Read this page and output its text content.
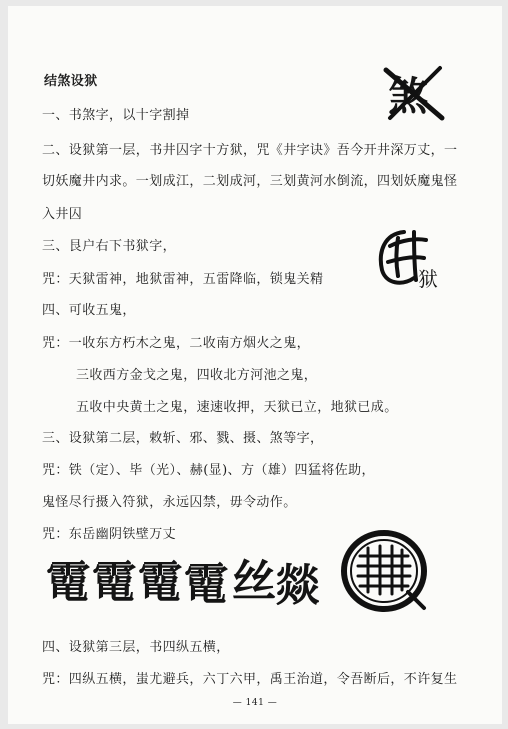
结煞设狱
一、书煞字，以十字割掉
二、设狱第一层，书井囚字十方狱，咒《井字诀》吾今开井深万丈，一
切妖魔井内求。一划成江，二划成河，三划黄河水倒流，四划妖魔鬼怪
入井囚
三、艮户右下书狱字，
咒：天狱雷神，地狱雷神，五雷降临，锁鬼关精
四、可收五鬼，
咒：一收东方朽木之鬼，二收南方烟火之鬼，
三收西方金戈之鬼，四收北方河池之鬼，
五收中央黄土之鬼，速速收押，天狱已立，地狱已成。
三、设狱第二层，敕斩、邪、戮、摄、煞等字，
咒：铁（定）、毕（光）、赫(显)、方（雄）四猛将佐助，
鬼怪尽行摄入符狱，永远囚禁，毋令动作。
咒：东岳幽阴铁壁万丈
四、设狱第三层，书四纵五横，
咒：四纵五横，蚩尤避兵，六丁六甲，禹王治道，令吾断后，不许复生
煞
狱
𩅐 𩅐 𩅐 𩅐 丝 燚
— 141 —
